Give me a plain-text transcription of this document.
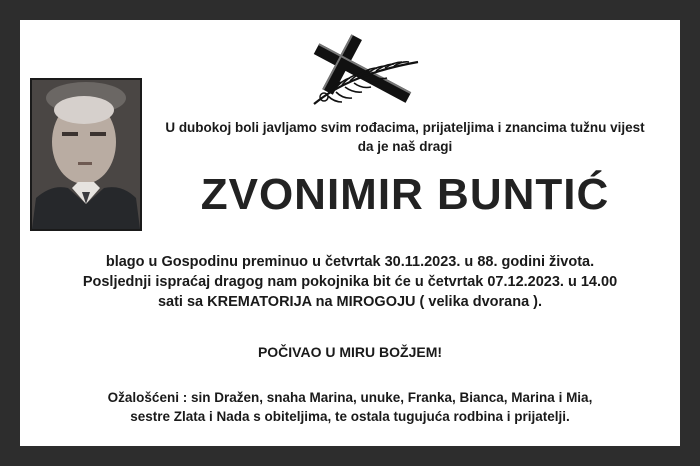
U dubokoj boli javljamo svim rođacima, prijateljima i znancima tužnu vijest
da je naš dragi
ZVONIMIR BUNTIĆ
blago u Gospodinu preminuo u četvrtak 30.11.2023. u 88. godini života.
Posljednji ispraćaj dragog nam pokojnika bit će u četvrtak 07.12.2023. u 14.00
sati sa KREMATORIJA na MIROGOJU ( velika dvorana ).
POČIVAO U MIRU BOŽJEM!
Ožalošćeni : sin Dražen, snaha Marina, unuke, Franka, Bianca, Marina i Mia,
sestre Zlata i Nada s obiteljima, te ostala tugujuća rodbina i prijatelji.
